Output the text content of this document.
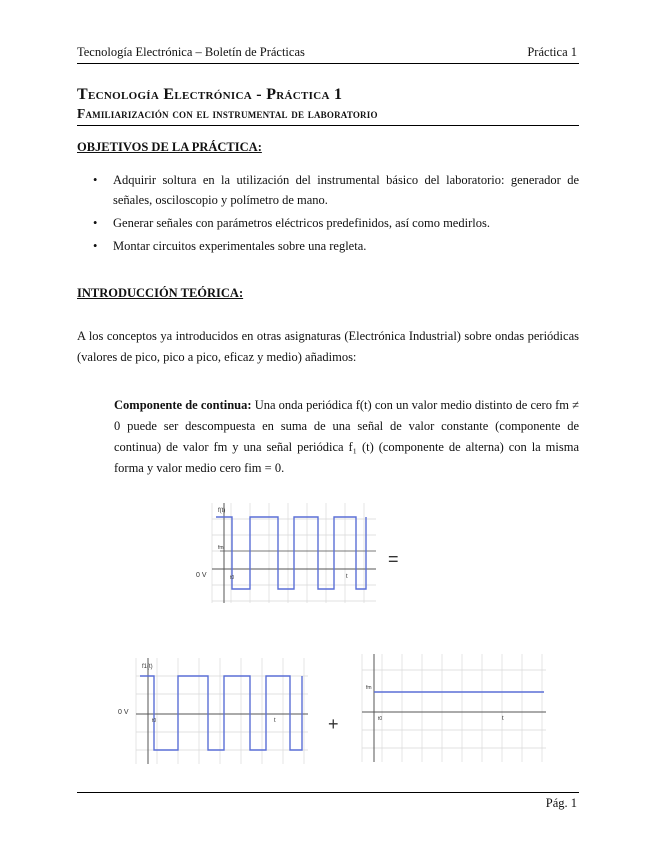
Tecnología Electrónica – Boletín de Prácticas	Práctica 1
Tecnología Electrónica - Práctica 1
Familiarización con el instrumental de laboratorio
OBJETIVOS DE LA PRÁCTICA:
• Adquirir soltura en la utilización del instrumental básico del laboratorio: generador de señales, osciloscopio y polímetro de mano.
• Generar señales con parámetros eléctricos predefinidos, así como medirlos.
• Montar circuitos experimentales sobre una regleta.
INTRODUCCIÓN TEÓRICA:
A los conceptos ya introducidos en otras asignaturas (Electrónica Industrial) sobre ondas periódicas (valores de pico, pico a pico, eficaz y medio) añadimos:
Componente de continua: Una onda periódica f(t) con un valor medio distinto de cero fm ≠ 0 puede ser descompuesta en suma de una señal de valor constante (componente de continua) de valor fm y una señal periódica f₁ (t) (componente de alterna) con la misma forma y valor medio cero fim = 0.
f(t)
fm
0 V	t0	t
=
f1(t)
0 V
t0	t	+
fm
t0	t
Pág. 1
